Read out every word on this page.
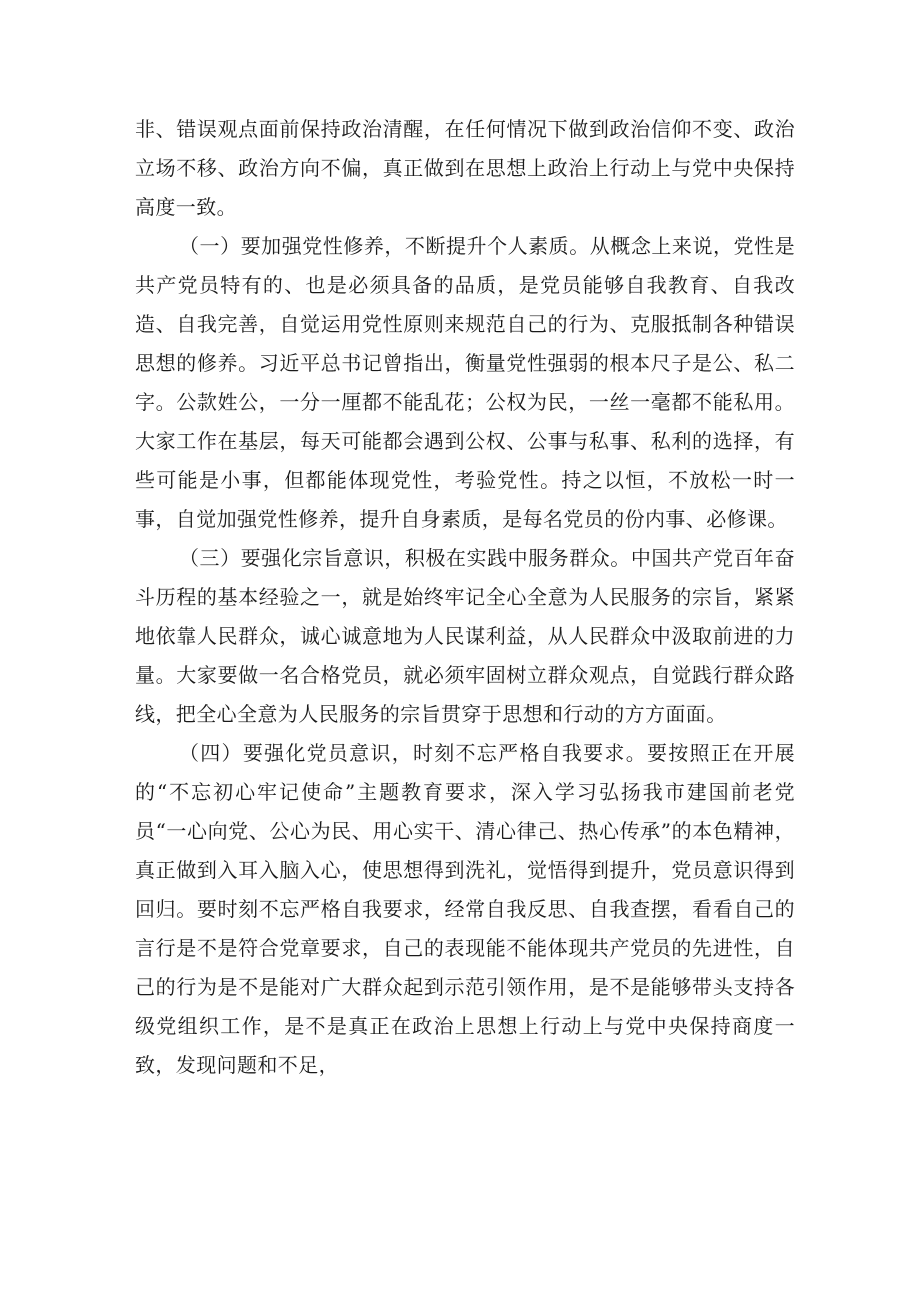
非、错误观点面前保持政治清醒，在任何情况下做到政治信仰不变、政治立场不移、政治方向不偏，真正做到在思想上政治上行动上与党中央保持高度一致。

（一）要加强党性修养，不断提升个人素质。从概念上来说，党性是共产党员特有的、也是必须具备的品质，是党员能够自我教育、自我改造、自我完善，自觉运用党性原则来规范自己的行为、克服抵制各种错误思想的修养。习近平总书记曾指出，衡量党性强弱的根本尺子是公、私二字。公款姓公，一分一厘都不能乱花；公权为民，一丝一毫都不能私用。大家工作在基层，每天可能都会遇到公权、公事与私事、私利的选择，有些可能是小事，但都能体现党性，考验党性。持之以恒，不放松一时一事，自觉加强党性修养，提升自身素质，是每名党员的份内事、必修课。

（三）要强化宗旨意识，积极在实践中服务群众。中国共产党百年奋斗历程的基本经验之一，就是始终牢记全心全意为人民服务的宗旨，紧紧地依靠人民群众，诚心诚意地为人民谋利益，从人民群众中汲取前进的力量。大家要做一名合格党员，就必须牢固树立群众观点，自觉践行群众路线，把全心全意为人民服务的宗旨贯穿于思想和行动的方方面面。

（四）要强化党员意识，时刻不忘严格自我要求。要按照正在开展的“不忘初心牢记使命”主题教育要求，深入学习弘扬我市建国前老党员“一心向党、公心为民、用心实干、清心律己、热心传承”的本色精神，真正做到入耳入脑入心，使思想得到洗礼，觉悟得到提升，党员意识得到回归。要时刻不忘严格自我要求，经常自我反思、自我查摆，看看自己的言行是不是符合党章要求，自己的表现能不能体现共产党员的先进性，自己的行为是不是能对广大群众起到示范引领作用，是不是能够带头支持各级党组织工作，是不是真正在政治上思想上行动上与党中央保持商度一致，发现问题和不足，
